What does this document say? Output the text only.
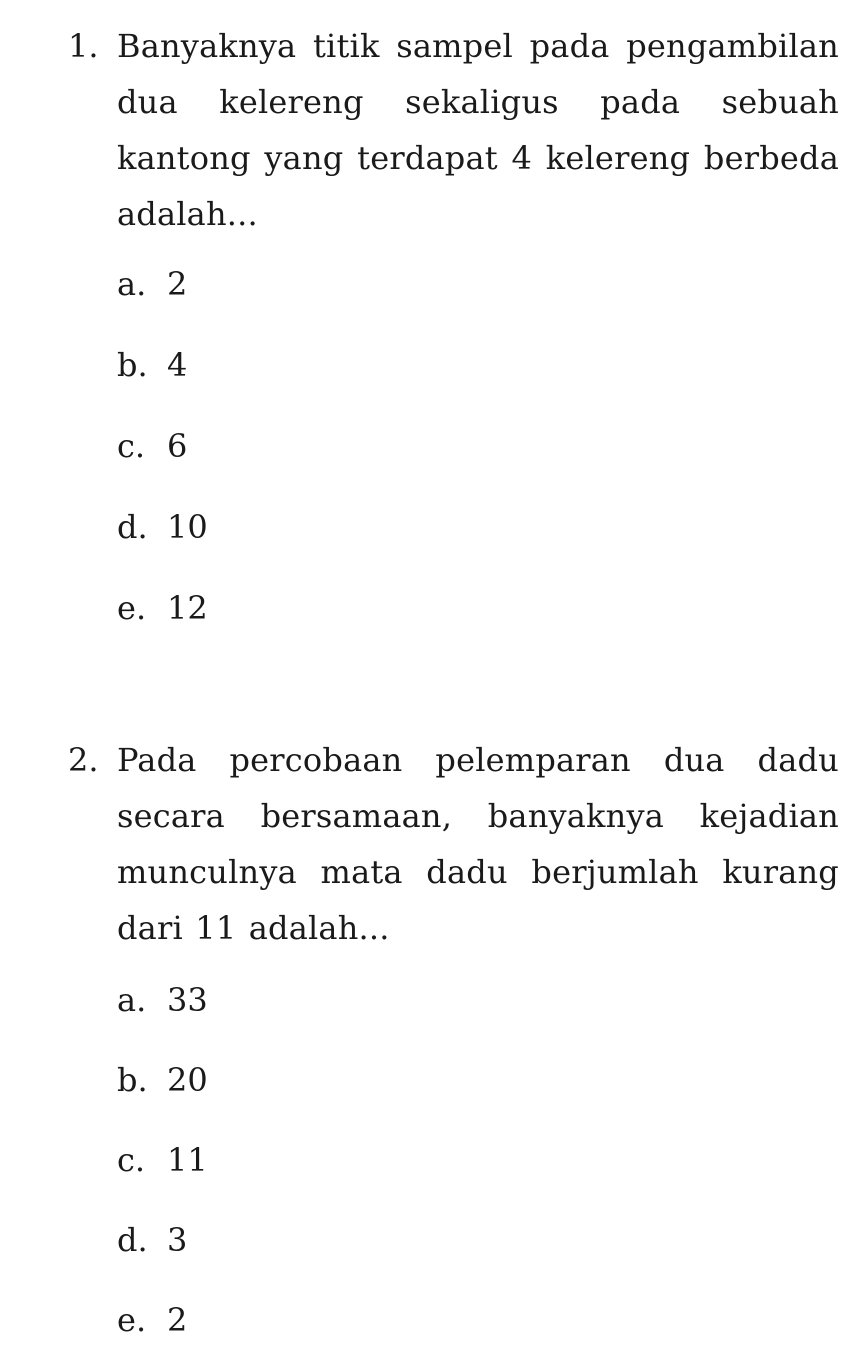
1. Banyaknya titik sampel pada pengambilan dua kelereng sekaligus pada sebuah kantong yang terdapat 4 kelereng berbeda adalah...
a. 2
b. 4
c. 6
d. 10
e. 12
2. Pada percobaan pelemparan dua dadu secara bersamaan, banyaknya kejadian munculnya mata dadu berjumlah kurang dari 11 adalah...
a. 33
b. 20
c. 11
d. 3
e. 2
